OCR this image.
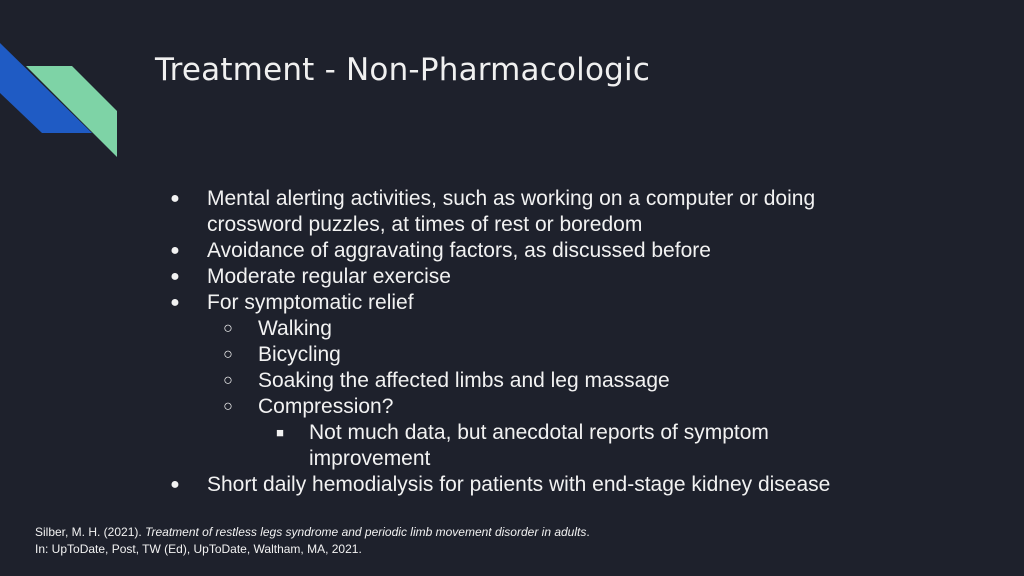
Treatment - Non-Pharmacologic
● Mental alerting activities, such as working on a computer or doing crossword puzzles, at times of rest or boredom
● Avoidance of aggravating factors, as discussed before
● Moderate regular exercise
● For symptomatic relief
○ Walking
○ Bicycling
○ Soaking the affected limbs and leg massage
○ Compression?
■ Not much data, but anecdotal reports of symptom improvement
● Short daily hemodialysis for patients with end-stage kidney disease
Silber, M. H. (2021). Treatment of restless legs syndrome and periodic limb movement disorder in adults.
In: UpToDate, Post, TW (Ed), UpToDate, Waltham, MA, 2021.
